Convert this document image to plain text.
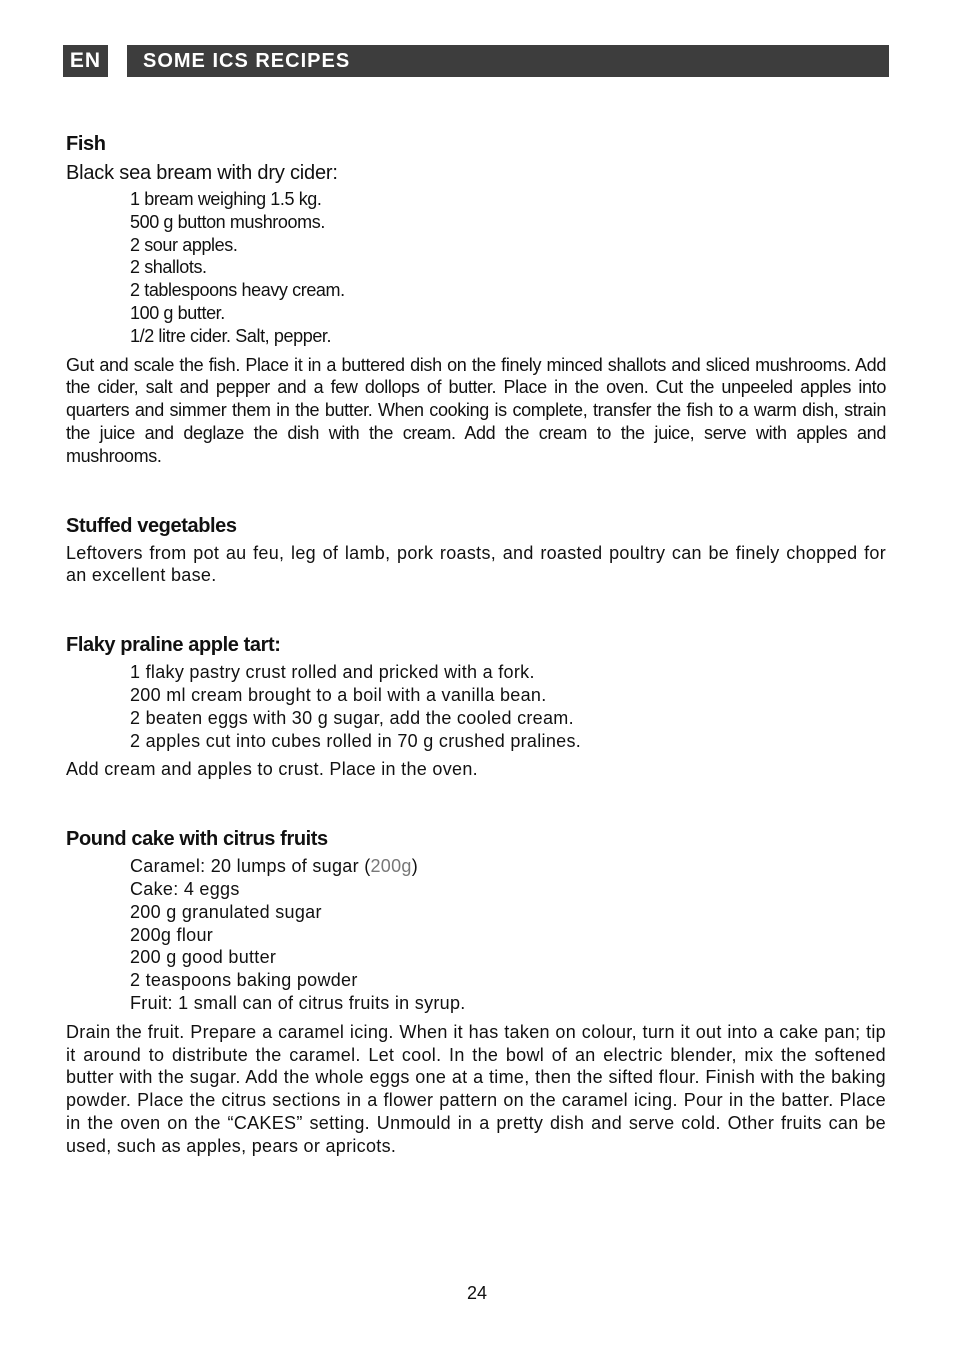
EN	SOME ICS RECIPES
Fish

Black sea bream with dry cider:

1 bream weighing 1.5 kg.
500 g button mushrooms.
2 sour apples.
2 shallots.
2 tablespoons heavy cream.
100 g butter.
1/2 litre cider. Salt, pepper.

Gut and scale the fish. Place it in a buttered dish on the finely minced shallots and sliced mushrooms. Add the cider, salt and pepper and a few dollops of butter. Place in the oven. Cut the unpeeled apples into quarters and simmer them in the butter. When cooking is complete, transfer the fish to a warm dish, strain the juice and deglaze the dish with the cream. Add the cream to the juice, serve with apples and mushrooms.

Stuffed vegetables

Leftovers from pot au feu, leg of lamb, pork roasts, and roasted poultry can be finely chopped for an excellent base.

Flaky praline apple tart:
1 flaky pastry crust rolled and pricked with a fork.
200 ml cream brought to a boil with a vanilla bean.
2 beaten eggs with 30 g sugar, add the cooled cream.
2 apples cut into cubes rolled in 70 g crushed pralines.

Add cream and apples to crust. Place in the oven.

Pound cake with citrus fruits
Caramel: 20 lumps of sugar (200g)
Cake: 4 eggs
200 g granulated sugar
200g flour
200 g good butter
2 teaspoons baking powder
Fruit: 1 small can of citrus fruits in syrup.

Drain the fruit. Prepare a caramel icing. When it has taken on colour, turn it out into a cake pan; tip it around to distribute the caramel. Let cool. In the bowl of an electric blender, mix the softened butter with the sugar. Add the whole eggs one at a time, then the sifted flour. Finish with the baking powder. Place the citrus sections in a flower pattern on the caramel icing. Pour in the batter. Place in the oven on the “CAKES” setting. Unmould in a pretty dish and serve cold. Other fruits can be used, such as apples, pears or apricots.

24
